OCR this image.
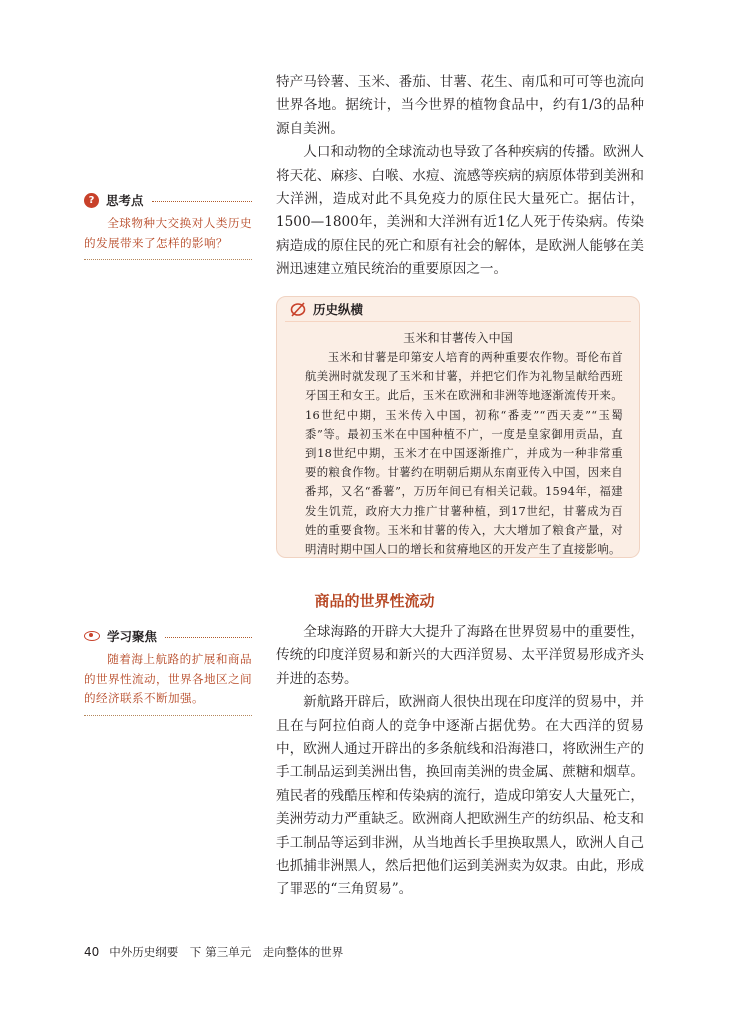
特产马铃薯、玉米、番茄、甘薯、花生、南瓜和可可等也流向世界各地。据统计，当今世界的植物食品中，约有1/3的品种源自美洲。

人口和动物的全球流动也导致了各种疾病的传播。欧洲人将天花、麻疹、白喉、水痘、流感等疾病的病原体带到美洲和大洋洲，造成对此不具免疫力的原住民大量死亡。据估计，1500—1800年，美洲和大洋洲有近1亿人死于传染病。传染病造成的原住民的死亡和原有社会的解体，是欧洲人能够在美洲迅速建立殖民统治的重要原因之一。

? 思考点

全球物种大交换对人类历史的发展带来了怎样的影响？

历史纵横
玉米和甘薯传入中国

玉米和甘薯是印第安人培育的两种重要农作物。哥伦布首航美洲时就发现了玉米和甘薯，并把它们作为礼物呈献给西班牙国王和女王。此后，玉米在欧洲和非洲等地逐渐流传开来。16世纪中期，玉米传入中国，初称“番麦”“西天麦”“玉蜀黍”等。最初玉米在中国种植不广，一度是皇家御用贡品，直到18世纪中期，玉米才在中国逐渐推广，并成为一种非常重要的粮食作物。甘薯约在明朝后期从东南亚传入中国，因来自番邦，又名“番薯”，万历年间已有相关记载。1594年，福建发生饥荒，政府大力推广甘薯种植，到17世纪，甘薯成为百姓的重要食物。玉米和甘薯的传入，大大增加了粮食产量，对明清时期中国人口的增长和贫瘠地区的开发产生了直接影响。

商品的世界性流动
学习聚焦

随着海上航路的扩展和商品的世界性流动，世界各地区之间的经济联系不断加强。

全球海路的开辟大大提升了海路在世界贸易中的重要性，传统的印度洋贸易和新兴的大西洋贸易、太平洋贸易形成齐头并进的态势。

新航路开辟后，欧洲商人很快出现在印度洋的贸易中，并且在与阿拉伯商人的竞争中逐渐占据优势。在大西洋的贸易中，欧洲人通过开辟出的多条航线和沿海港口，将欧洲生产的手工制品运到美洲出售，换回南美洲的贵金属、蔗糖和烟草。殖民者的残酷压榨和传染病的流行，造成印第安人大量死亡，美洲劳动力严重缺乏。欧洲商人把欧洲生产的纺织品、枪支和手工制品等运到非洲，从当地酋长手里换取黑人，欧洲人自己也抓捕非洲黑人，然后把他们运到美洲卖为奴隶。由此，形成了罪恶的“三角贸易”。

40 中外历史纲要　下 第三单元　走向整体的世界
